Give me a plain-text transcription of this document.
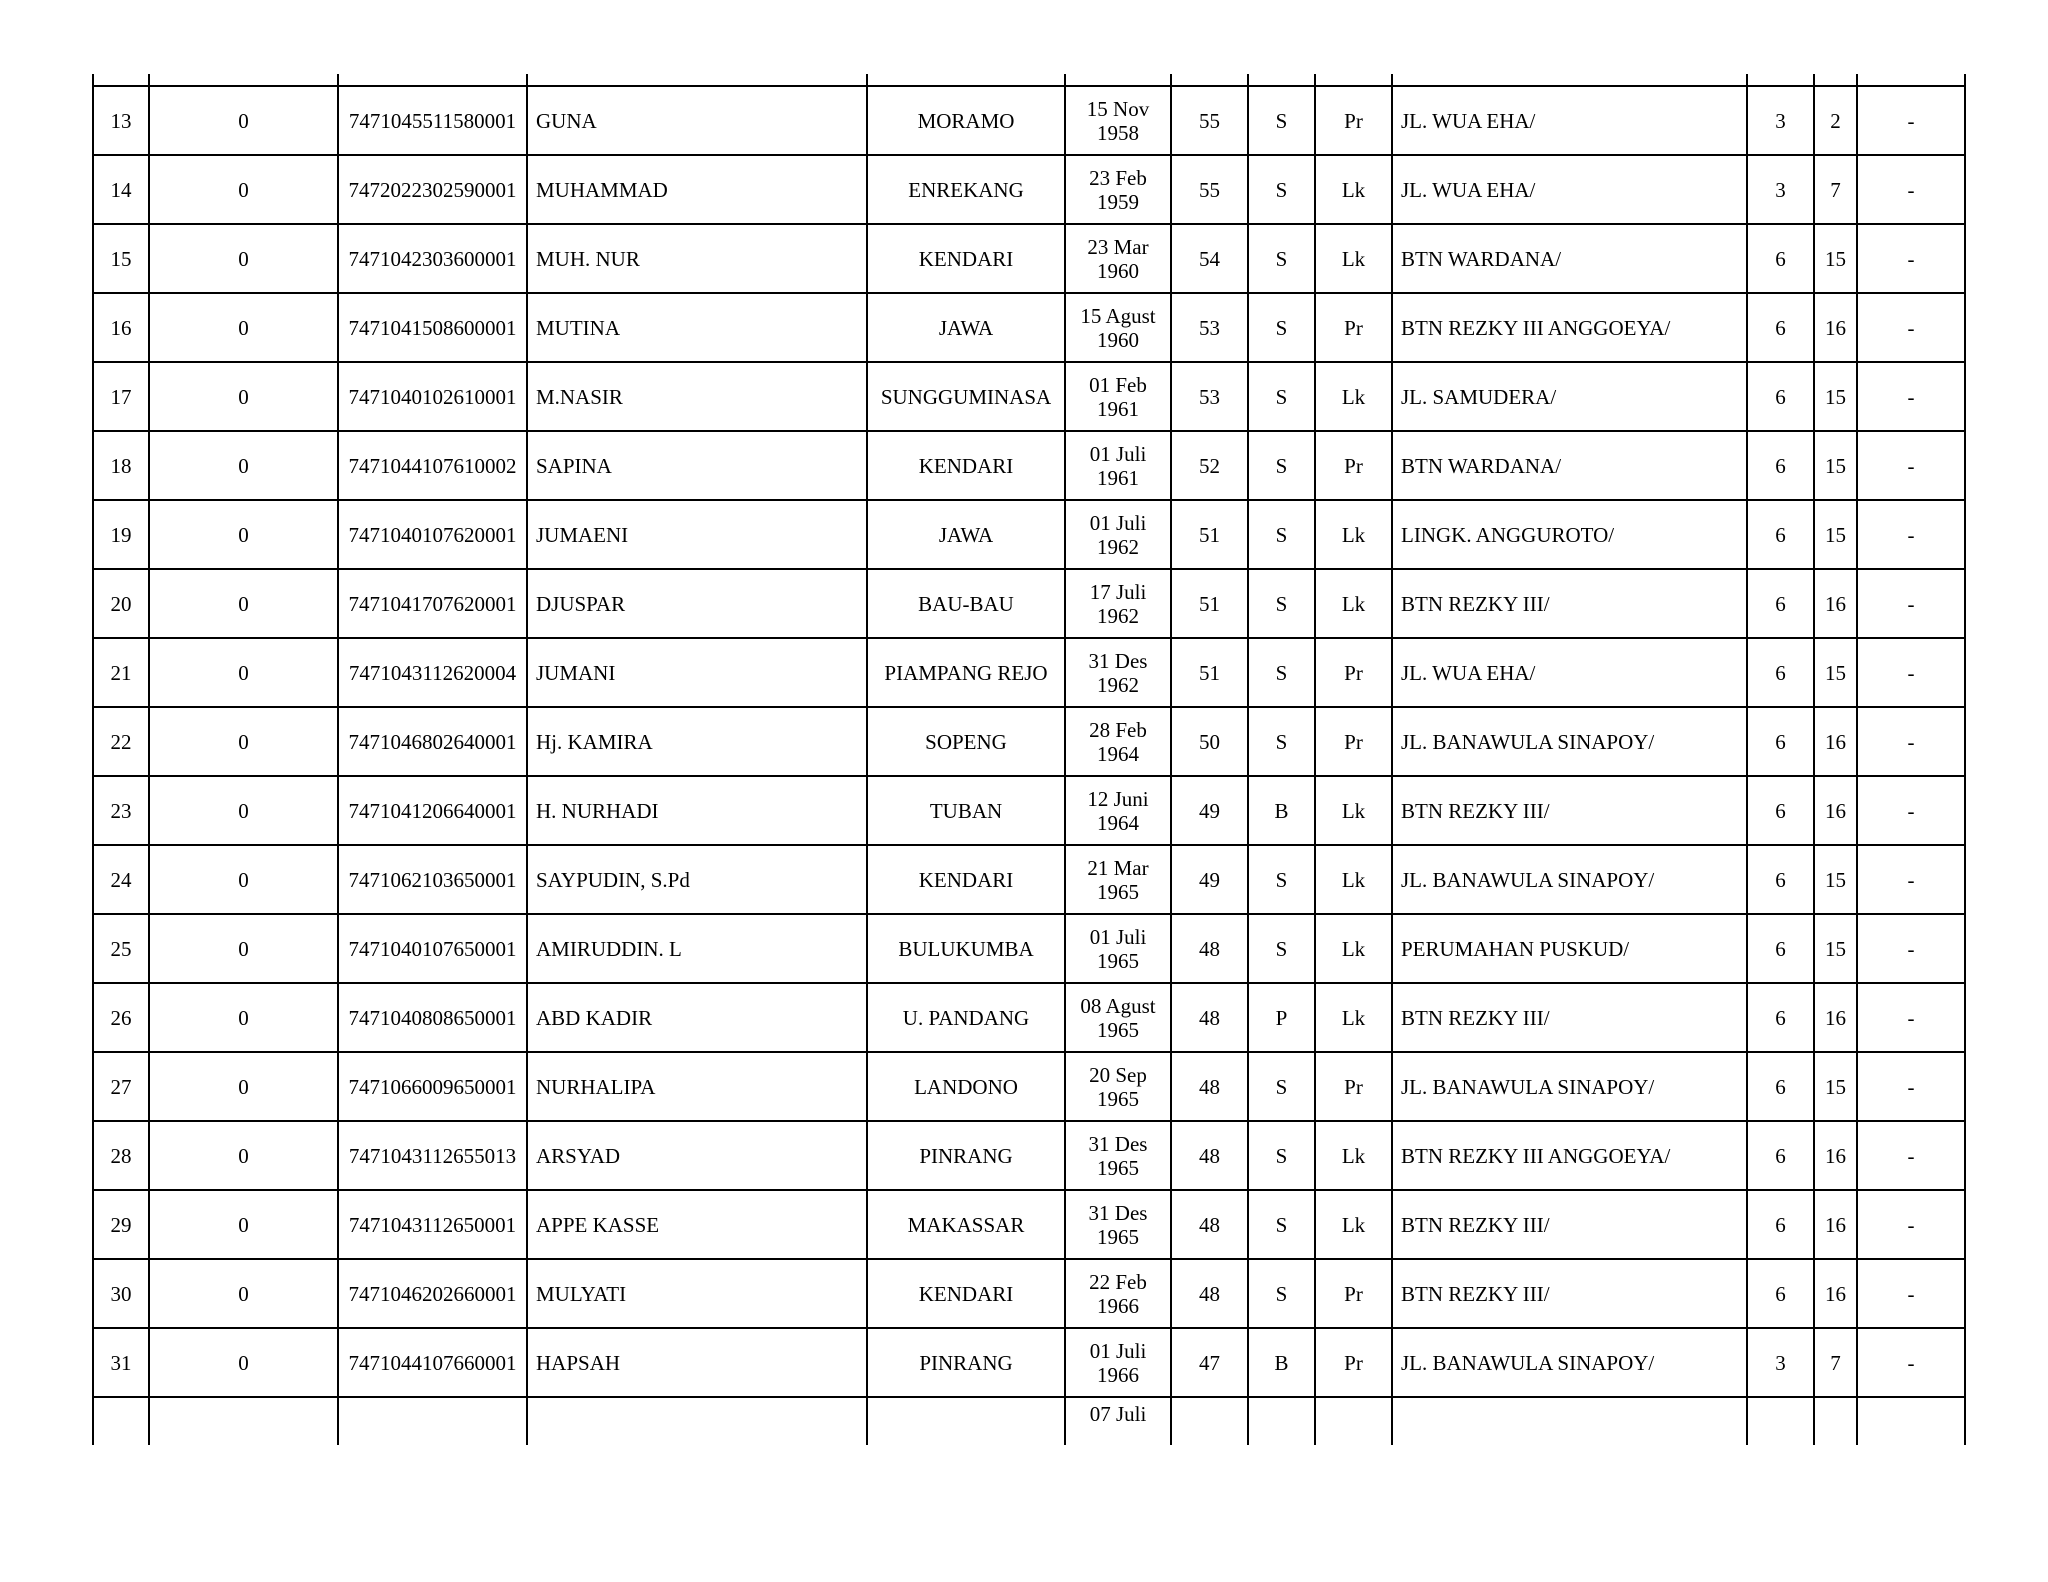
13	0	7471045511580001	GUNA	MORAMO	15 Nov
1958	55	S	Pr	JL. WUA EHA/	3	2	-
14	0	7472022302590001	MUHAMMAD	ENREKANG	23 Feb
1959	55	S	Lk	JL. WUA EHA/	3	7	-
15	0	7471042303600001	MUH. NUR	KENDARI	23 Mar
1960	54	S	Lk	BTN WARDANA/	6	15	-
16	0	7471041508600001	MUTINA	JAWA	15 Agust
1960	53	S	Pr	BTN REZKY III ANGGOEYA/	6	16	-
17	0	7471040102610001	M.NASIR	SUNGGUMINASA	01 Feb
1961	53	S	Lk	JL. SAMUDERA/	6	15	-
18	0	7471044107610002	SAPINA	KENDARI	01 Juli
1961	52	S	Pr	BTN WARDANA/	6	15	-
19	0	7471040107620001	JUMAENI	JAWA	01 Juli
1962	51	S	Lk	LINGK. ANGGUROTO/	6	15	-
20	0	7471041707620001	DJUSPAR	BAU-BAU	17 Juli
1962	51	S	Lk	BTN REZKY III/	6	16	-
21	0	7471043112620004	JUMANI	PIAMPANG REJO	31 Des
1962	51	S	Pr	JL. WUA EHA/	6	15	-
22	0	7471046802640001	Hj. KAMIRA	SOPENG	28 Feb
1964	50	S	Pr	JL. BANAWULA SINAPOY/	6	16	-
23	0	7471041206640001	H. NURHADI	TUBAN	12 Juni
1964	49	B	Lk	BTN REZKY III/	6	16	-
24	0	7471062103650001	SAYPUDIN, S.Pd	KENDARI	21 Mar
1965	49	S	Lk	JL. BANAWULA SINAPOY/	6	15	-
25	0	7471040107650001	AMIRUDDIN. L	BULUKUMBA	01 Juli
1965	48	S	Lk	PERUMAHAN PUSKUD/	6	15	-
26	0	7471040808650001	ABD KADIR	U. PANDANG	08 Agust
1965	48	P	Lk	BTN REZKY III/	6	16	-
27	0	7471066009650001	NURHALIPA	LANDONO	20 Sep
1965	48	S	Pr	JL. BANAWULA SINAPOY/	6	15	-
28	0	7471043112655013	ARSYAD	PINRANG	31 Des
1965	48	S	Lk	BTN REZKY III ANGGOEYA/	6	16	-
29	0	7471043112650001	APPE KASSE	MAKASSAR	31 Des
1965	48	S	Lk	BTN REZKY III/	6	16	-
30	0	7471046202660001	MULYATI	KENDARI	22 Feb
1966	48	S	Pr	BTN REZKY III/	6	16	-
31	0	7471044107660001	HAPSAH	PINRANG	01 Juli
1966	47	B	Pr	JL. BANAWULA SINAPOY/	3	7	-

					07 Juli							
